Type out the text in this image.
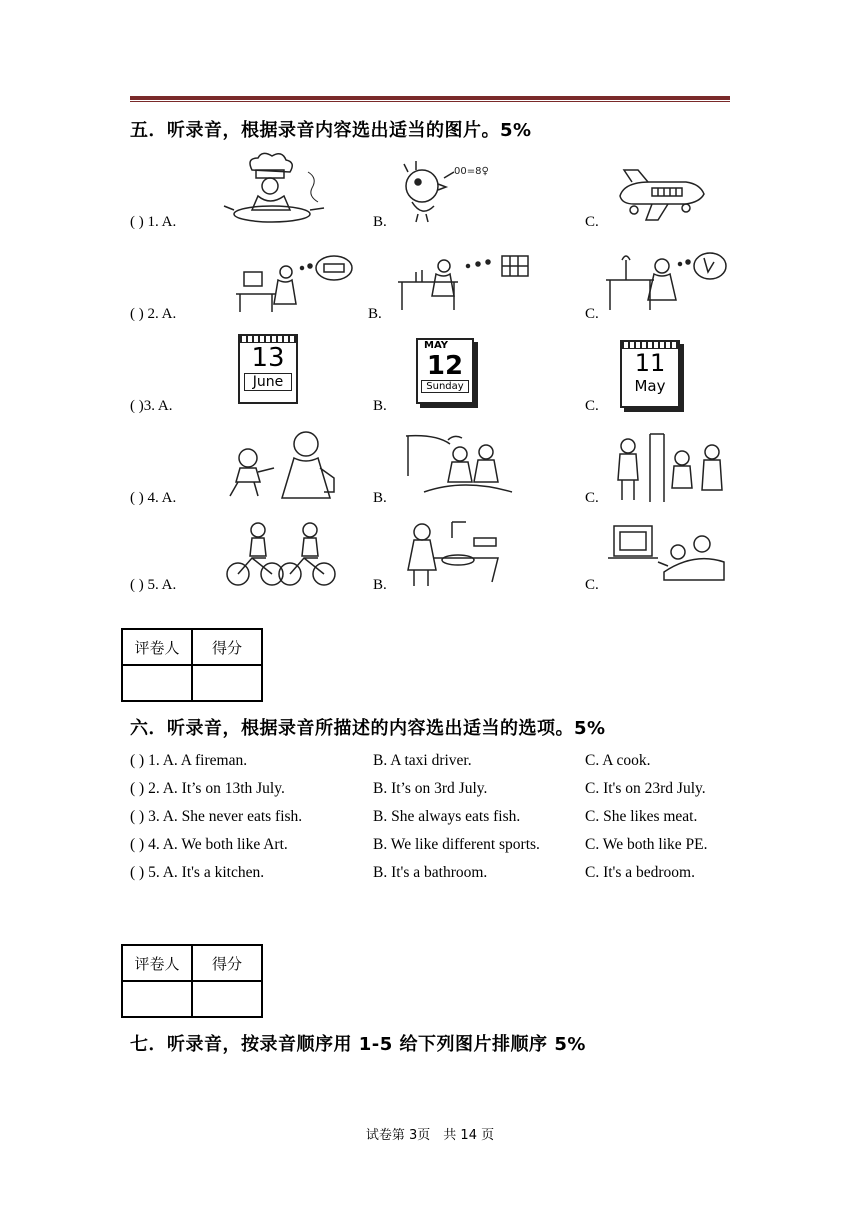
五．听录音，根据录音内容选出适当的图片。5%
( ) 1. A.	B.	C.
00=8♀
( ) 2. A.	B.	C.
( )3. A.	B.	C.
13
June
MAY
12
Sunday
11
May
( ) 4. A.	B.	C.
( ) 5. A.	B.	C.
评卷人	得分

六．听录音，根据录音所描述的内容选出适当的选项。5%
( ) 1. A. A fireman.	B. A taxi driver.	C. A cook.
( ) 2. A. It’s on 13th July.	B. It’s on 3rd July.	C. It's on 23rd July.
( ) 3. A. She never eats fish.	B. She always eats fish.	C. She likes meat.
( ) 4. A. We both like Art.	B. We like different sports.	C. We both like PE.
( ) 5. A. It's a kitchen.	B. It's a bathroom.	C. It's a bedroom.
评卷人	得分

七．听录音，按录音顺序用 1-5 给下列图片排顺序 5%
试卷第 3页　共 14 页
